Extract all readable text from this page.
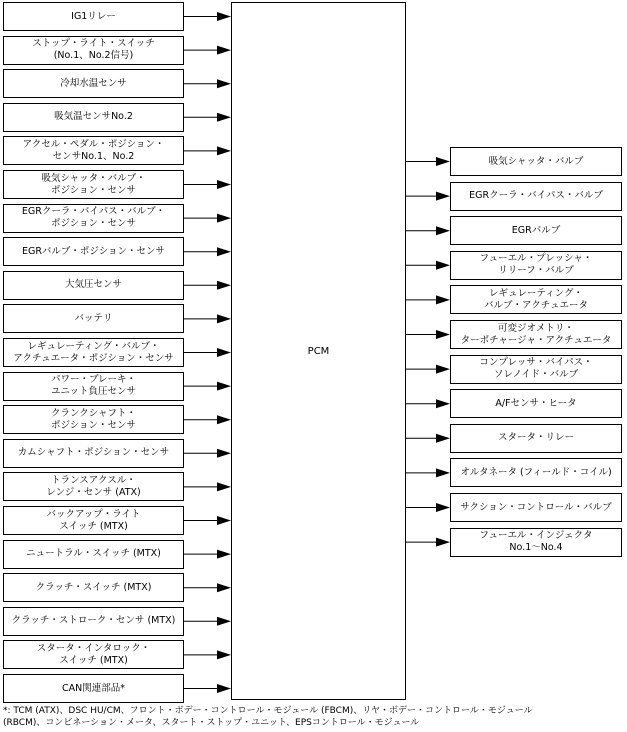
IG1リレー
ストップ・ライト・スイッチ
(No.1、No.2信号)
冷却水温センサ
吸気温センサNo.2
アクセル・ペダル・ポジション・
センサNo.1、No.2
吸気シャッタ・バルブ・
ポジション・センサ
EGRクーラ・バイパス・バルブ・
ポジション・センサ
EGRバルブ・ポジション・センサ
大気圧センサ
バッテリ
レギュレーティング・バルブ・
アクチュエータ・ポジション・センサ
パワー・ブレーキ・
ユニット負圧センサ
クランクシャフト・
ポジション・センサ
カムシャフト・ポジション・センサ
トランスアクスル・
レンジ・センサ (ATX)
バックアップ・ライト
スイッチ (MTX)
ニュートラル・スイッチ (MTX)
クラッチ・スイッチ (MTX)
クラッチ・ストローク・センサ (MTX)
スタータ・インタロック・
スイッチ (MTX)
CAN関連部品*
PCM
吸気シャッタ・バルブ
EGRクーラ・バイパス・バルブ
EGRバルブ
フューエル・プレッシャ・
リリーフ・バルブ
レギュレーティング・
バルブ・アクチュエータ
可変ジオメトリ・
ターボチャージャ・アクチュエータ
コンプレッサ・バイパス・
ソレノイド・バルブ
A/Fセンサ・ヒータ
スタータ・リレー
オルタネータ (フィールド・コイル)
サクション・コントロール・バルブ
フューエル・インジェクタ
No.1〜No.4
*: TCM (ATX)、DSC HU/CM、フロント・ボデー・コントロール・モジュール (FBCM)、リヤ・ボデー・コントロール・モジュール
(RBCM)、コンビネーション・メータ、スタート・ストップ・ユニット、EPSコントロール・モジュール
